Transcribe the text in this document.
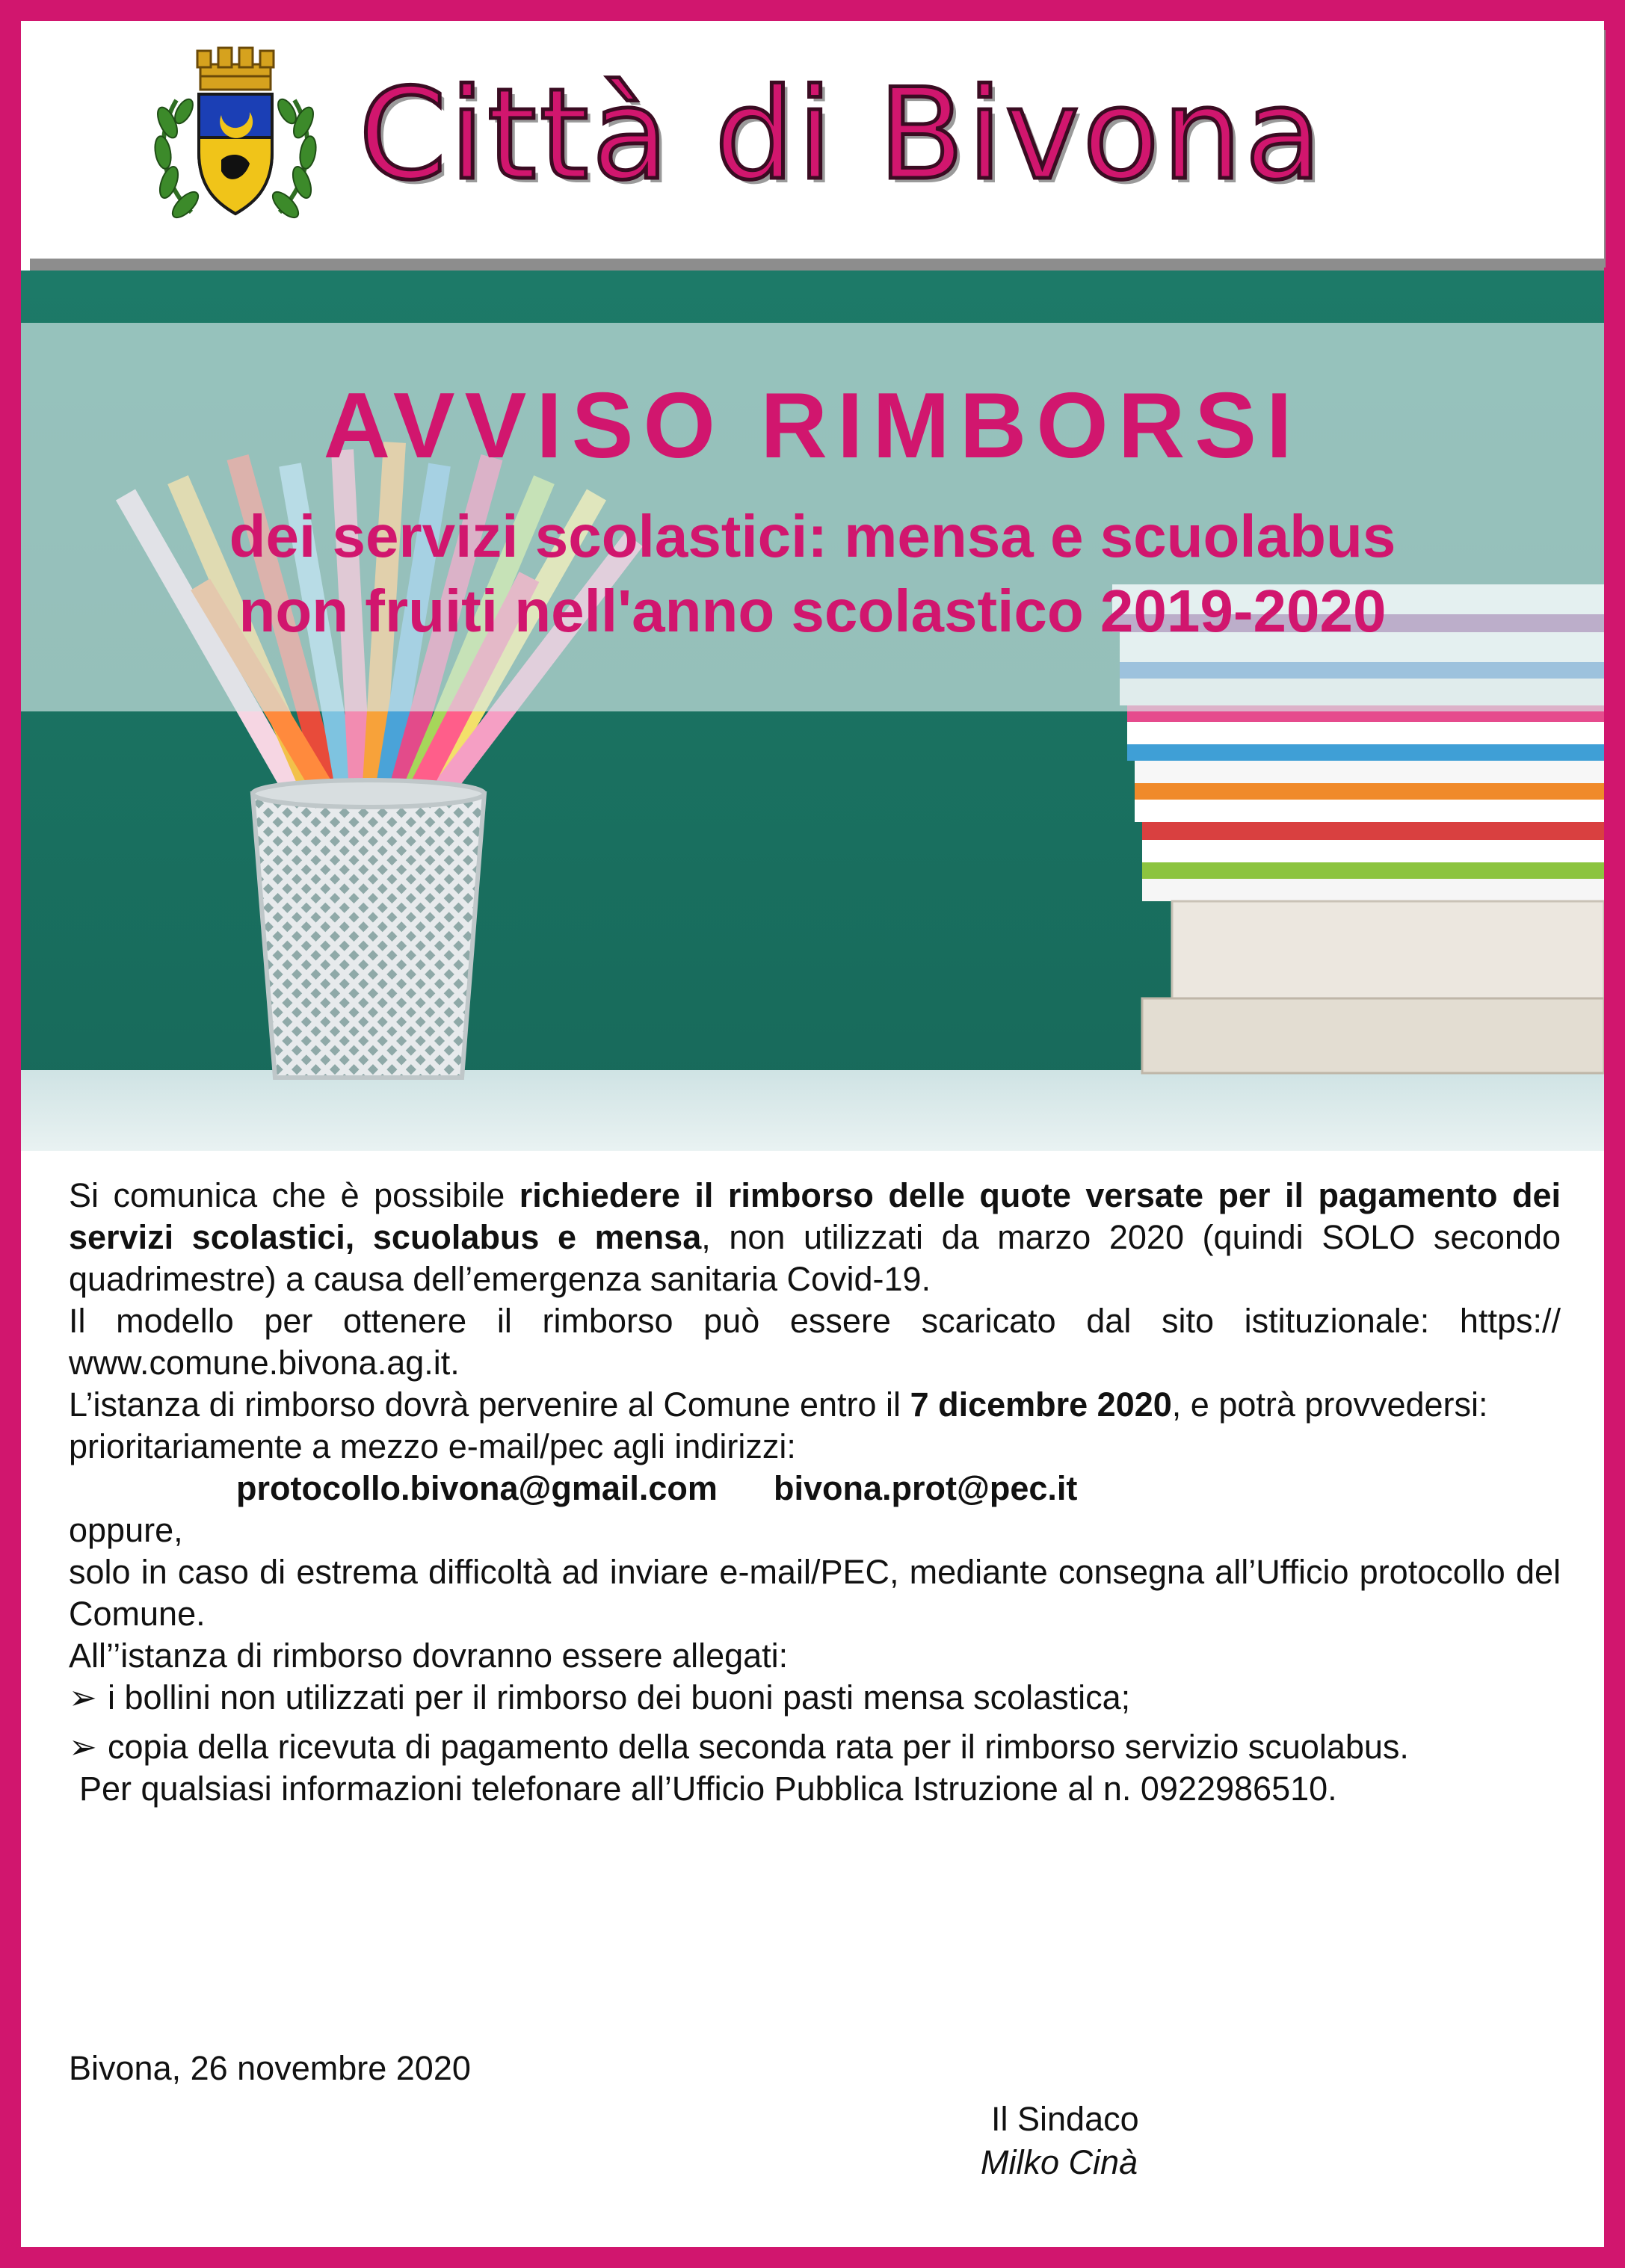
Città di Bivona
AVVISO RIMBORSI
dei servizi scolastici: mensa e scuolabus
non fruiti nell'anno scolastico 2019-2020

Si comunica che è possibile richiedere il rimborso delle quote versate per il pagamento dei servizi scolastici, scuolabus e mensa, non utilizzati da marzo 2020 (quindi SOLO secondo quadrimestre) a causa dell’emergenza sanitaria Covid-19.

Il modello per ottenere il rimborso può essere scaricato dal sito istituzionale: https:// www.comune.bivona.ag.it.

L’istanza di rimborso dovrà pervenire al Comune entro il 7 dicembre 2020, e potrà provvedersi:

prioritariamente a mezzo e-mail/pec agli indirizzi:

protocollo.bivona@gmail.com bivona.prot@pec.it

oppure,

solo in caso di estrema difficoltà ad inviare e-mail/PEC, mediante consegna all’Ufficio protocollo del Comune.

All’’istanza di rimborso dovranno essere allegati:

➢ i bollini non utilizzati per il rimborso dei buoni pasti mensa scolastica;
➢ copia della ricevuta di pagamento della seconda rata per il rimborso servizio scuolabus.

Per qualsiasi informazioni telefonare all’Ufficio Pubblica Istruzione al n. 0922986510.

Bivona, 26 novembre 2020
Il Sindaco
Milko Cinà
